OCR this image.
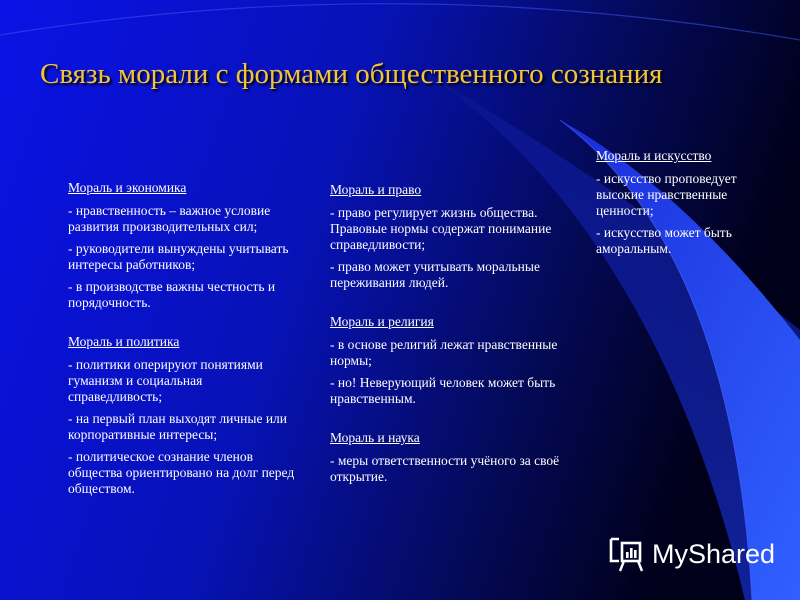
Связь морали с формами общественного сознания
Мораль и экономика
- нравственность – важное условие развития производительных сил;
- руководители вынуждены учитывать интересы работников;
- в производстве важны честность и порядочность.
Мораль и политика
- политики оперируют понятиями гуманизм и социальная справедливость;
- на первый план выходят личные или корпоративные интересы;
- политическое сознание членов общества ориентировано на долг перед обществом.
Мораль и право
- право регулирует жизнь общества. Правовые нормы содержат понимание справедливости;
- право может учитывать моральные переживания людей.
Мораль и религия
- в основе религий лежат нравственные нормы;
- но! Неверующий человек может быть нравственным.
Мораль и наука
- меры ответственности учёного за своё открытие.
Мораль и искусство
- искусство проповедует высокие нравственные ценности;
- искусство может быть аморальным.
MyShared
